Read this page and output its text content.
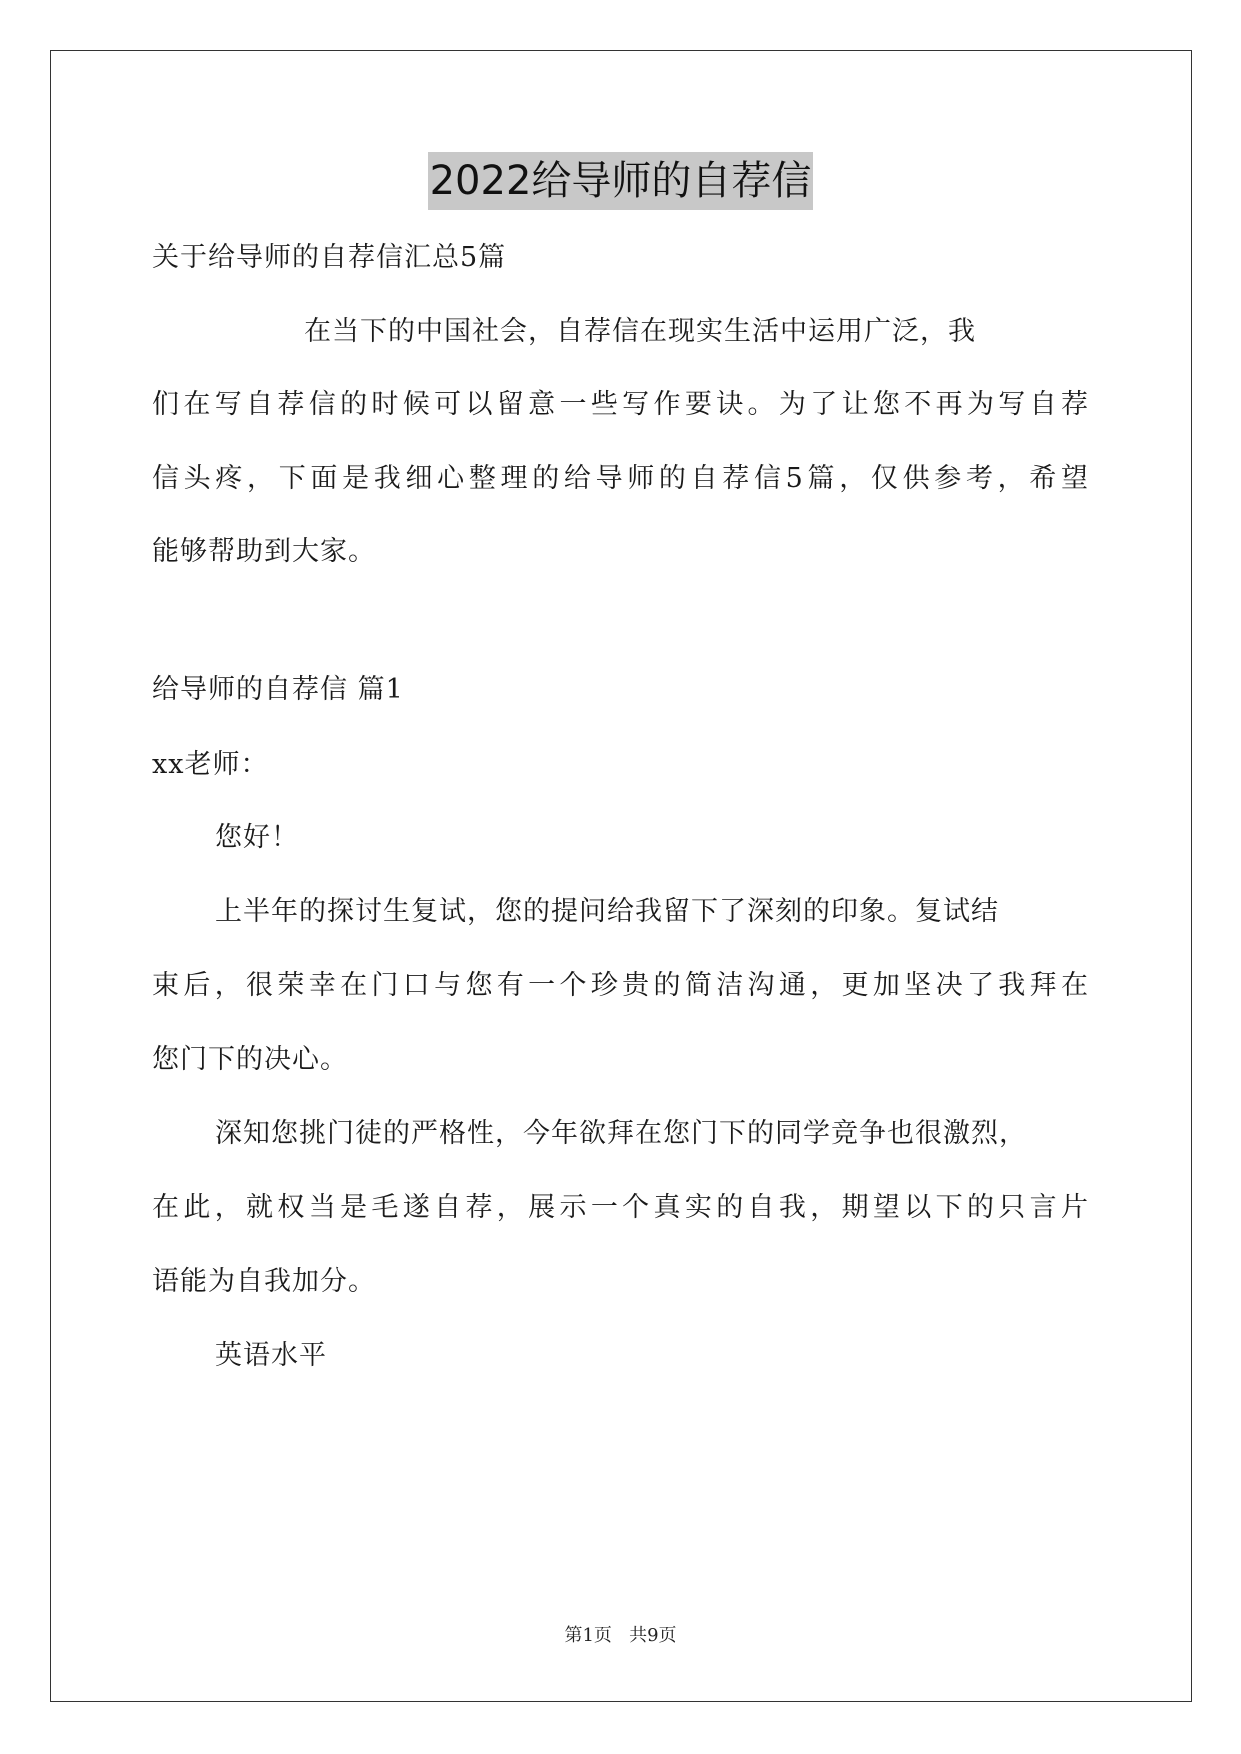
2022给导师的自荐信
关于给导师的自荐信汇总5篇
在当下的中国社会，自荐信在现实生活中运用广泛，我
们在写自荐信的时候可以留意一些写作要诀。为了让您不再为写自荐
信头疼，下面是我细心整理的给导师的自荐信5篇，仅供参考，希望
能够帮助到大家。
给导师的自荐信 篇1
xx老师：
您好！
上半年的探讨生复试，您的提问给我留下了深刻的印象。复试结
束后，很荣幸在门口与您有一个珍贵的简洁沟通，更加坚决了我拜在
您门下的决心。
深知您挑门徒的严格性，今年欲拜在您门下的同学竞争也很激烈，
在此，就权当是毛遂自荐，展示一个真实的自我，期望以下的只言片
语能为自我加分。
英语水平
第1页   共9页
